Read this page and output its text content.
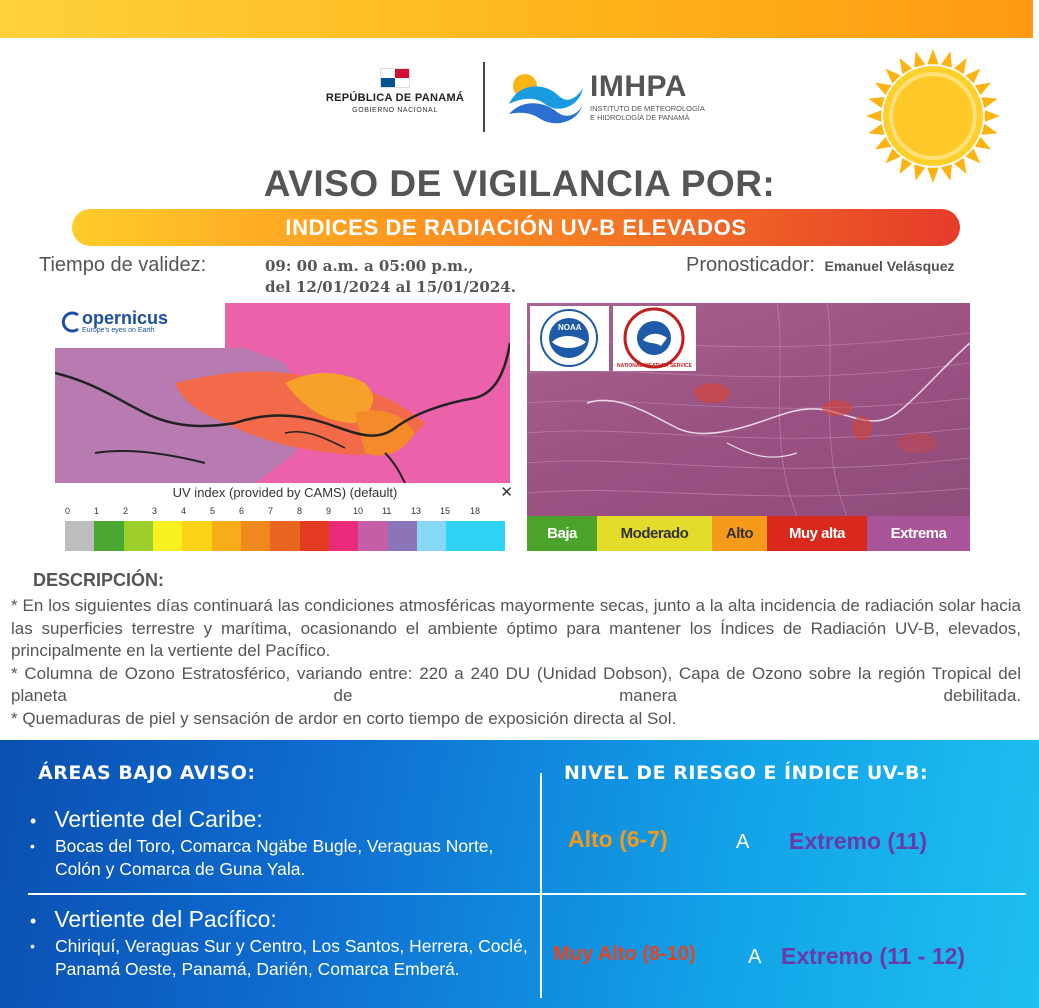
REPÚBLICA DE PANAMÁ
GOBIERNO NACIONAL
IMHPA
INSTITUTO DE METEOROLOGÍA
E HIDROLOGÍA DE PANAMÁ
AVISO DE VIGILANCIA POR:
INDICES DE RADIACIÓN UV-B ELEVADOS
Tiempo de validez:	09: 00 a.m. a 05:00 p.m.,
del 12/01/2024 al 15/01/2024.
Pronosticador: Emanuel Velásquez
opernicus
Europe's eyes on Earth
UV index (provided by CAMS) (default)	✕
0	1	2	3	4	5	6	7	8	9 10 11 13 15 18
NOAA
NATIONAL WEATHER SERVICE
Baja	Moderado	Alto	Muy alta	Extrema
DESCRIPCIÓN:

* En los siguientes días continuará las condiciones atmosféricas mayormente secas, junto a la alta incidencia de radiación solar hacia las superficies terrestre y marítima, ocasionando el ambiente óptimo para mantener los Índices de Radiación UV-B, elevados, principalmente en la vertiente del Pacífico.

* Columna de Ozono Estratosférico, variando entre: 220 a 240 DU (Unidad Dobson), Capa de Ozono sobre la región Tropical del planeta de manera debilitada.

* Quemaduras de piel y sensación de ardor en corto tiempo de exposición directa al Sol.

ÁREAS BAJO AVISO:	NIVEL DE RIESGO E ÍNDICE UV-B:
• Vertiente del Caribe:
• Bocas del Toro, Comarca Ngäbe Bugle, Veraguas Norte, Colón y Comarca de Guna Yala.
Alto (6-7)	A Extremo (11)
• Vertiente del Pacífico:
• Chiriquí, Veraguas Sur y Centro, Los Santos, Herrera, Coclé, Panamá Oeste, Panamá, Darién, Comarca Emberá.
Muy Alto (8-10)	A Extremo (11 - 12)
